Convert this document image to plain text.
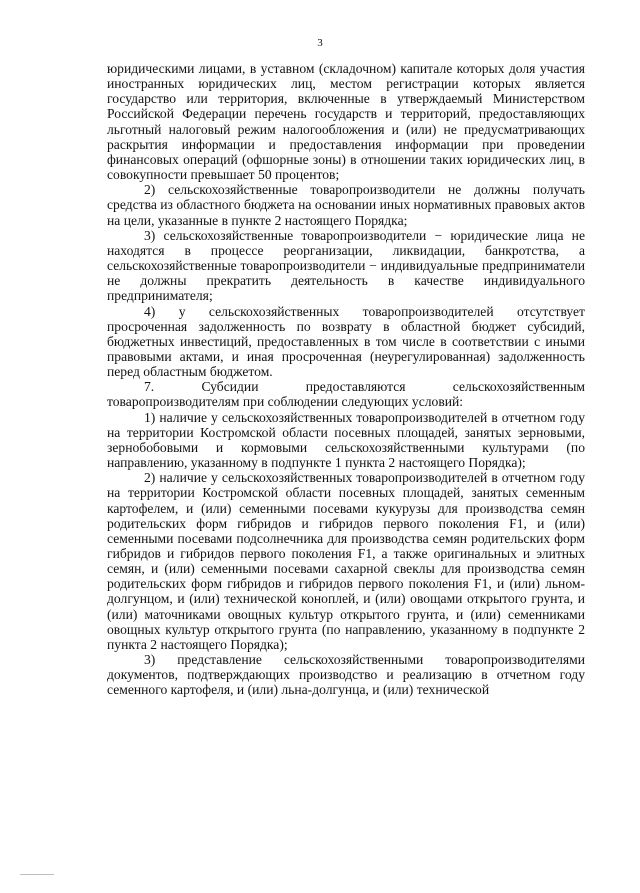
3

юридическими лицами, в уставном (складочном) капитале которых доля участия иностранных юридических лиц, местом регистрации которых является государство или территория, включенные в утверждаемый Министерством Российской Федерации перечень государств и территорий, предоставляющих льготный налоговый режим налогообложения и (или) не предусматривающих раскрытия информации и предоставления информации при проведении финансовых операций (офшорные зоны) в отношении таких юридических лиц, в совокупности превышает 50 процентов;

2) сельскохозяйственные товаропроизводители не должны получать средства из областного бюджета на основании иных нормативных правовых актов на цели, указанные в пункте 2 настоящего Порядка;

3) сельскохозяйственные товаропроизводители − юридические лица не находятся в процессе реорганизации, ликвидации, банкротства, а сельскохозяйственные товаропроизводители − индивидуальные предприниматели не должны прекратить деятельность в качестве индивидуального предпринимателя;

4) у сельскохозяйственных товаропроизводителей отсутствует просроченная задолженность по возврату в областной бюджет субсидий, бюджетных инвестиций, предоставленных в том числе в соответствии с иными правовыми актами, и иная просроченная (неурегулированная) задолженность перед областным бюджетом.

7. Субсидии предоставляются сельскохозяйственным товаропроизводителям при соблюдении следующих условий:

1) наличие у сельскохозяйственных товаропроизводителей в отчетном году на территории Костромской области посевных площадей, занятых зерновыми, зернобобовыми и кормовыми сельскохозяйственными культурами (по направлению, указанному в подпункте 1 пункта 2 настоящего Порядка);

2) наличие у сельскохозяйственных товаропроизводителей в отчетном году на территории Костромской области посевных площадей, занятых семенным картофелем, и (или) семенными посевами кукурузы для производства семян родительских форм гибридов и гибридов первого поколения F1, и (или) семенными посевами подсолнечника для производства семян родительских форм гибридов и гибридов первого поколения F1, а также оригинальных и элитных семян, и (или) семенными посевами сахарной свеклы для производства семян родительских форм гибридов и гибридов первого поколения F1, и (или) льном-долгунцом, и (или) технической коноплей, и (или) овощами открытого грунта, и (или) маточниками овощных культур открытого грунта, и (или) семенниками овощных культур открытого грунта (по направлению, указанному в подпункте 2 пункта 2 настоящего Порядка);

3) представление сельскохозяйственными товаропроизводителями документов, подтверждающих производство и реализацию в отчетном году семенного картофеля, и (или) льна-долгунца, и (или) технической
